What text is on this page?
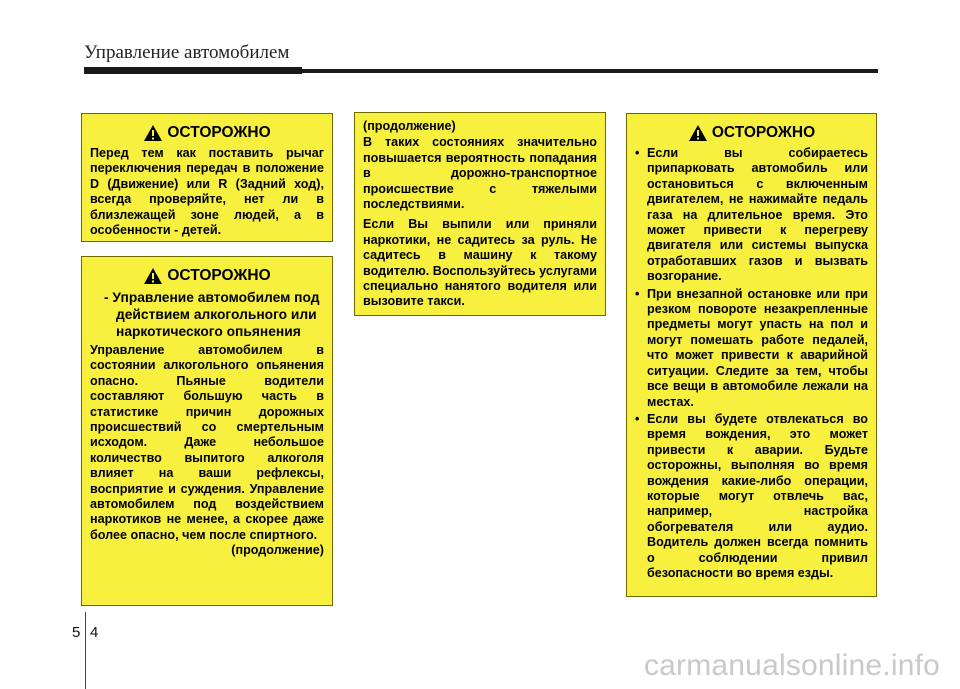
Управление автомобилем
ОСТОРОЖНО

Перед тем как поставить рычаг переключения передач в положение D (Движение) или R (Задний ход), всегда проверяйте, нет ли в близлежащей зоне людей, а в особенности - детей.

ОСТОРОЖНО
- Управление автомобилем под действием алкогольного или наркотического опьянения

Управление автомобилем в состоянии алкогольного опьянения опасно. Пьяные водители составляют большую часть в статистике причин дорожных происшествий со смертельным исходом. Даже небольшое количество выпитого алкоголя влияет на ваши рефлексы, восприятие и суждения. Управление автомобилем под воздействием наркотиков не менее, а скорее даже более опасно, чем после спиртного.

(продолжение)

(продолжение)

В таких состояниях значительно повышается вероятность попадания в дорожно-транспортное происшествие с тяжелыми последствиями.

Если Вы выпили или приняли наркотики, не садитесь за руль. Не садитесь в машину к такому водителю. Воспользуйтесь услугами специально нанятого водителя или вызовите такси.

ОСТОРОЖНО
• Если вы собираетесь припарковать автомобиль или остановиться с включенным двигателем, не нажимайте педаль газа на длительное время. Это может привести к перегреву двигателя или системы выпуска отработавших газов и вызвать возгорание.
• При внезапной остановке или при резком повороте незакрепленные предметы могут упасть на пол и могут помешать работе педалей, что может привести к аварийной ситуации. Следите за тем, чтобы все вещи в автомобиле лежали на местах.
• Если вы будете отвлекаться во время вождения, это может привести к аварии. Будьте осторожны, выполняя во время вождения какие-либо операции, которые могут отвлечь вас, например, настройка обогревателя или аудио. Водитель должен всегда помнить о соблюдении привил безопасности во время езды.
5 4
carmanualsonline.info
